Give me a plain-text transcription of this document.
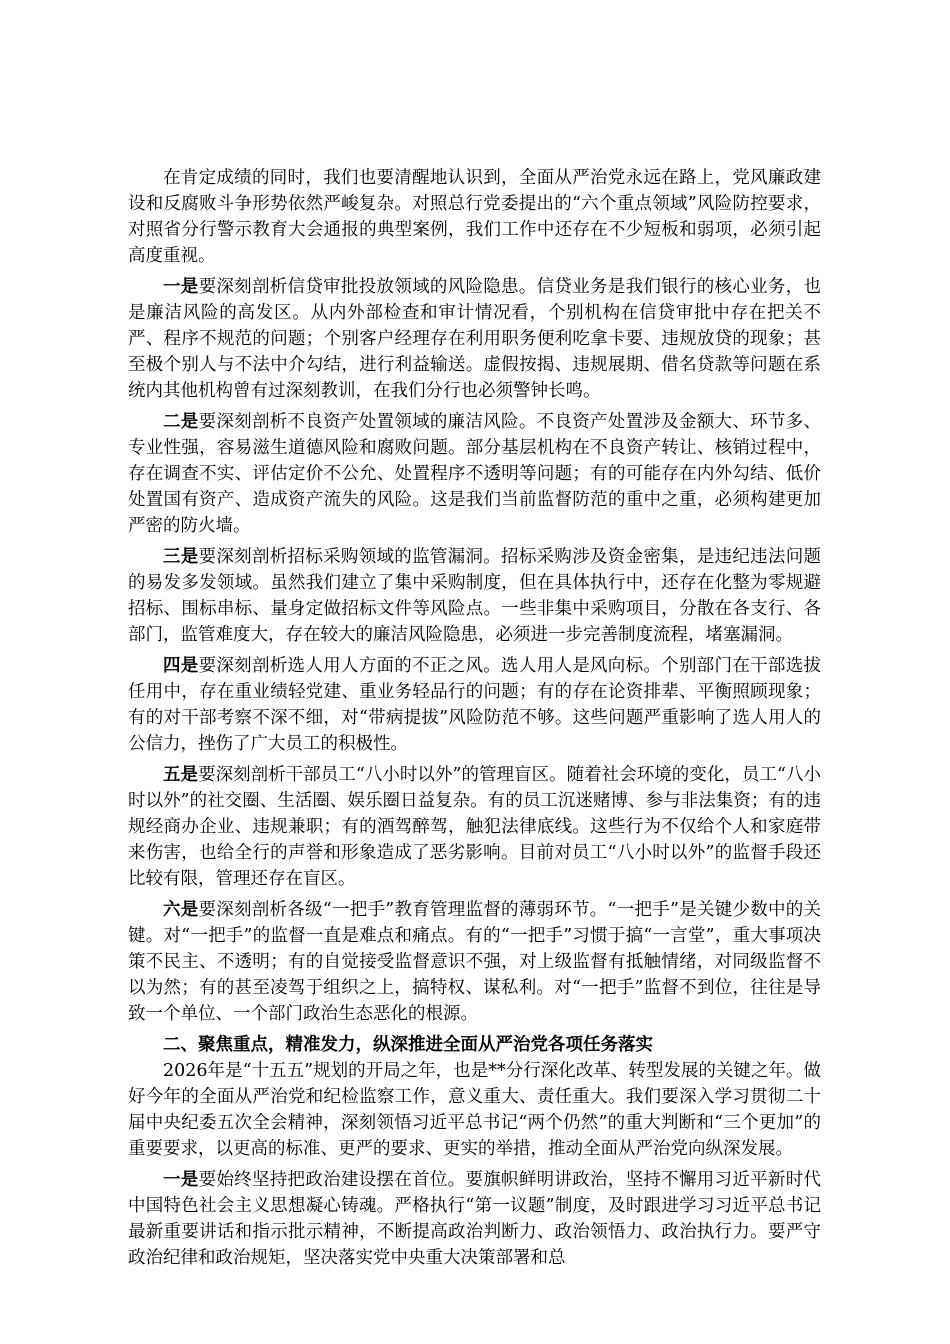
在肯定成绩的同时，我们也要清醒地认识到，全面从严治党永远在路上，党风廉政建设和反腐败斗争形势依然严峻复杂。对照总行党委提出的“六个重点领域”风险防控要求，对照省分行警示教育大会通报的典型案例，我们工作中还存在不少短板和弱项，必须引起高度重视。

一是要深刻剖析信贷审批投放领域的风险隐患。信贷业务是我们银行的核心业务，也是廉洁风险的高发区。从内外部检查和审计情况看，个别机构在信贷审批中存在把关不严、程序不规范的问题；个别客户经理存在利用职务便利吃拿卡要、违规放贷的现象；甚至极个别人与不法中介勾结，进行利益输送。虚假按揭、违规展期、借名贷款等问题在系统内其他机构曾有过深刻教训，在我们分行也必须警钟长鸣。

二是要深刻剖析不良资产处置领域的廉洁风险。不良资产处置涉及金额大、环节多、专业性强，容易滋生道德风险和腐败问题。部分基层机构在不良资产转让、核销过程中，存在调查不实、评估定价不公允、处置程序不透明等问题；有的可能存在内外勾结、低价处置国有资产、造成资产流失的风险。这是我们当前监督防范的重中之重，必须构建更加严密的防火墙。

三是要深刻剖析招标采购领域的监管漏洞。招标采购涉及资金密集，是违纪违法问题的易发多发领域。虽然我们建立了集中采购制度，但在具体执行中，还存在化整为零规避招标、围标串标、量身定做招标文件等风险点。一些非集中采购项目，分散在各支行、各部门，监管难度大，存在较大的廉洁风险隐患，必须进一步完善制度流程，堵塞漏洞。

四是要深刻剖析选人用人方面的不正之风。选人用人是风向标。个别部门在干部选拔任用中，存在重业绩轻党建、重业务轻品行的问题；有的存在论资排辈、平衡照顾现象；有的对干部考察不深不细，对“带病提拔”风险防范不够。这些问题严重影响了选人用人的公信力，挫伤了广大员工的积极性。

五是要深刻剖析干部员工“八小时以外”的管理盲区。随着社会环境的变化，员工“八小时以外”的社交圈、生活圈、娱乐圈日益复杂。有的员工沉迷赌博、参与非法集资；有的违规经商办企业、违规兼职；有的酒驾醉驾，触犯法律底线。这些行为不仅给个人和家庭带来伤害，也给全行的声誉和形象造成了恶劣影响。目前对员工“八小时以外”的监督手段还比较有限，管理还存在盲区。

六是要深刻剖析各级“一把手”教育管理监督的薄弱环节。“一把手”是关键少数中的关键。对“一把手”的监督一直是难点和痛点。有的“一把手”习惯于搞“一言堂”，重大事项决策不民主、不透明；有的自觉接受监督意识不强，对上级监督有抵触情绪，对同级监督不以为然；有的甚至凌驾于组织之上，搞特权、谋私利。对“一把手”监督不到位，往往是导致一个单位、一个部门政治生态恶化的根源。

二、聚焦重点，精准发力，纵深推进全面从严治党各项任务落实

2026年是“十五五”规划的开局之年，也是**分行深化改革、转型发展的关键之年。做好今年的全面从严治党和纪检监察工作，意义重大、责任重大。我们要深入学习贯彻二十届中央纪委五次全会精神，深刻领悟习近平总书记“两个仍然”的重大判断和“三个更加”的重要要求，以更高的标准、更严的要求、更实的举措，推动全面从严治党向纵深发展。

一是要始终坚持把政治建设摆在首位。要旗帜鲜明讲政治，坚持不懈用习近平新时代中国特色社会主义思想凝心铸魂。严格执行“第一议题”制度，及时跟进学习习近平总书记最新重要讲话和指示批示精神，不断提高政治判断力、政治领悟力、政治执行力。要严守政治纪律和政治规矩，坚决落实党中央重大决策部署和总
